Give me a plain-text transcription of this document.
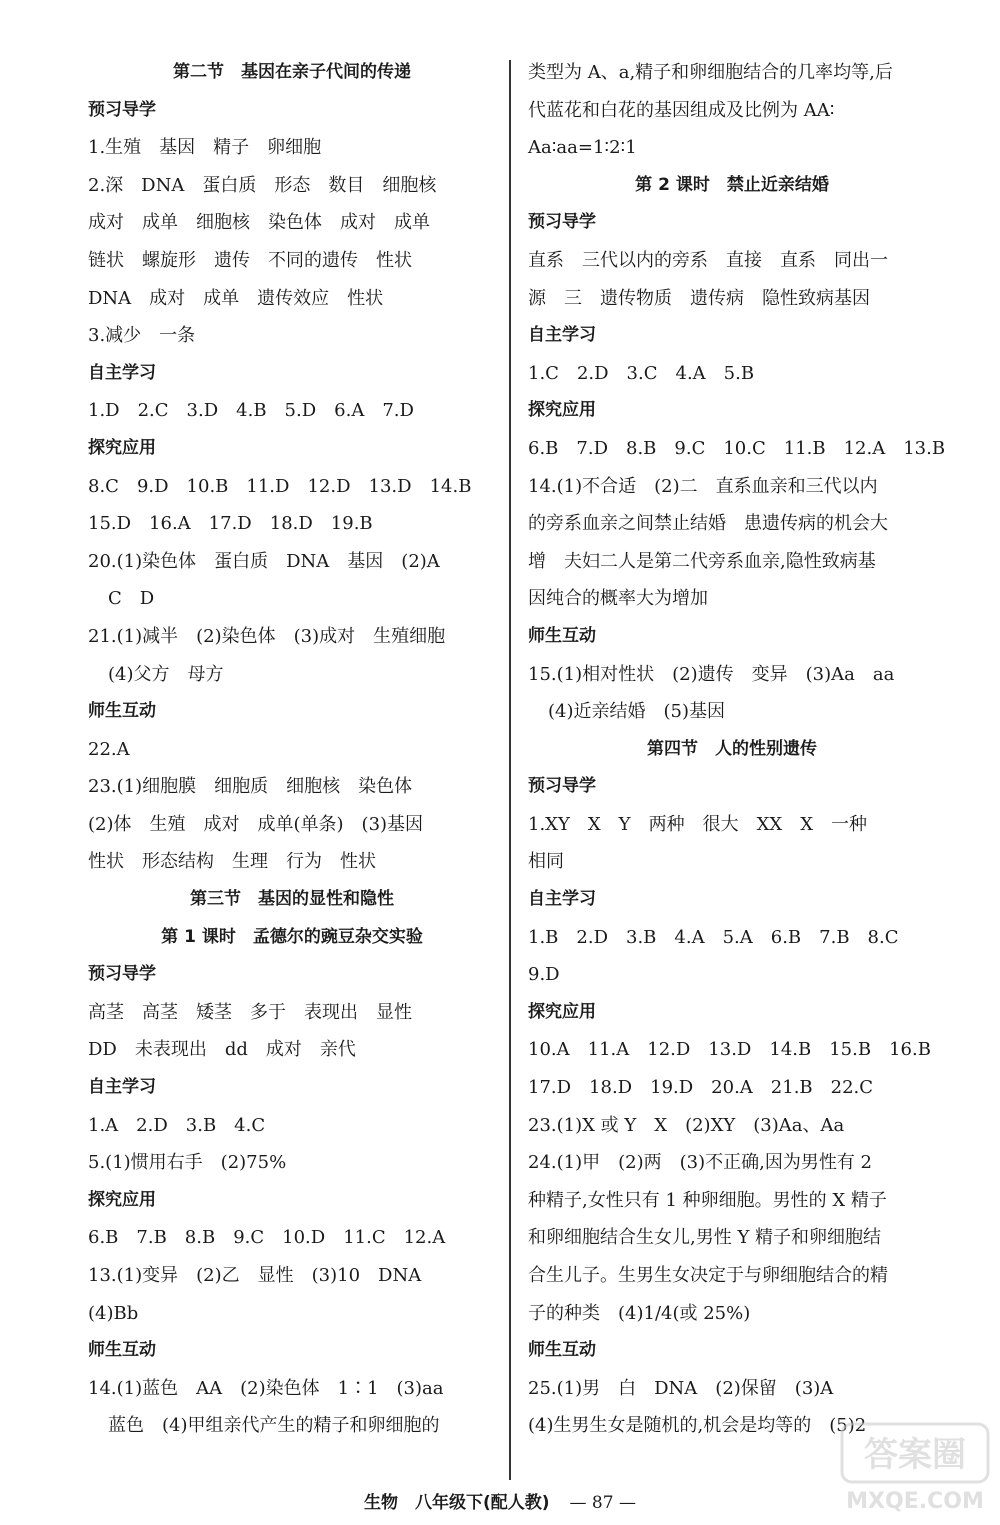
第二节　基因在亲子代间的传递
预习导学
1.生殖　基因　精子　卵细胞
2.深　DNA　蛋白质　形态　数目　细胞核
成对　成单　细胞核　染色体　成对　成单
链状　螺旋形　遗传　不同的遗传　性状
DNA　成对　成单　遗传效应　性状
3.减少　一条
自主学习
1.D　2.C　3.D　4.B　5.D　6.A　7.D
探究应用
8.C　9.D　10.B　11.D　12.D　13.D　14.B
15.D　16.A　17.D　18.D　19.B
20.(1)染色体　蛋白质　DNA　基因　(2)A
C　D
21.(1)减半　(2)染色体　(3)成对　生殖细胞
(4)父方　母方
师生互动
22.A
23.(1)细胞膜　细胞质　细胞核　染色体
(2)体　生殖　成对　成单(单条)　(3)基因
性状　形态结构　生理　行为　性状
第三节　基因的显性和隐性
第 1 课时　孟德尔的豌豆杂交实验
预习导学
高茎　高茎　矮茎　多于　表现出　显性
DD　未表现出　dd　成对　亲代
自主学习
1.A　2.D　3.B　4.C
5.(1)惯用右手　(2)75%
探究应用
6.B　7.B　8.B　9.C　10.D　11.C　12.A
13.(1)变异　(2)乙　显性　(3)10　DNA
(4)Bb
师生互动
14.(1)蓝色　AA　(2)染色体　1∶1　(3)aa
蓝色　(4)甲组亲代产生的精子和卵细胞的
类型为 A、a,精子和卵细胞结合的几率均等,后
代蓝花和白花的基因组成及比例为 AA∶
Aa∶aa=1∶2∶1
第 2 课时　禁止近亲结婚
预习导学
直系　三代以内的旁系　直接　直系　同出一
源　三　遗传物质　遗传病　隐性致病基因
自主学习
1.C　2.D　3.C　4.A　5.B
探究应用
6.B　7.D　8.B　9.C　10.C　11.B　12.A　13.B
14.(1)不合适　(2)二　直系血亲和三代以内
的旁系血亲之间禁止结婚　患遗传病的机会大
增　夫妇二人是第二代旁系血亲,隐性致病基
因纯合的概率大为增加
师生互动
15.(1)相对性状　(2)遗传　变异　(3)Aa　aa
(4)近亲结婚　(5)基因
第四节　人的性别遗传
预习导学
1.XY　X　Y　两种　很大　XX　X　一种
相同
自主学习
1.B　2.D　3.B　4.A　5.A　6.B　7.B　8.C
9.D
探究应用
10.A　11.A　12.D　13.D　14.B　15.B　16.B
17.D　18.D　19.D　20.A　21.B　22.C
23.(1)X 或 Y　X　(2)XY　(3)Aa、Aa
24.(1)甲　(2)两　(3)不正确,因为男性有 2
种精子,女性只有 1 种卵细胞。男性的 X 精子
和卵细胞结合生女儿,男性 Y 精子和卵细胞结
合生儿子。生男生女决定于与卵细胞结合的精
子的种类　(4)1/4(或 25%)
师生互动
25.(1)男　白　DNA　(2)保留　(3)A
(4)生男生女是随机的,机会是均等的　(5)2
生物　八年级下(配人教) — 87 —
答案圈
MXQE.COM
